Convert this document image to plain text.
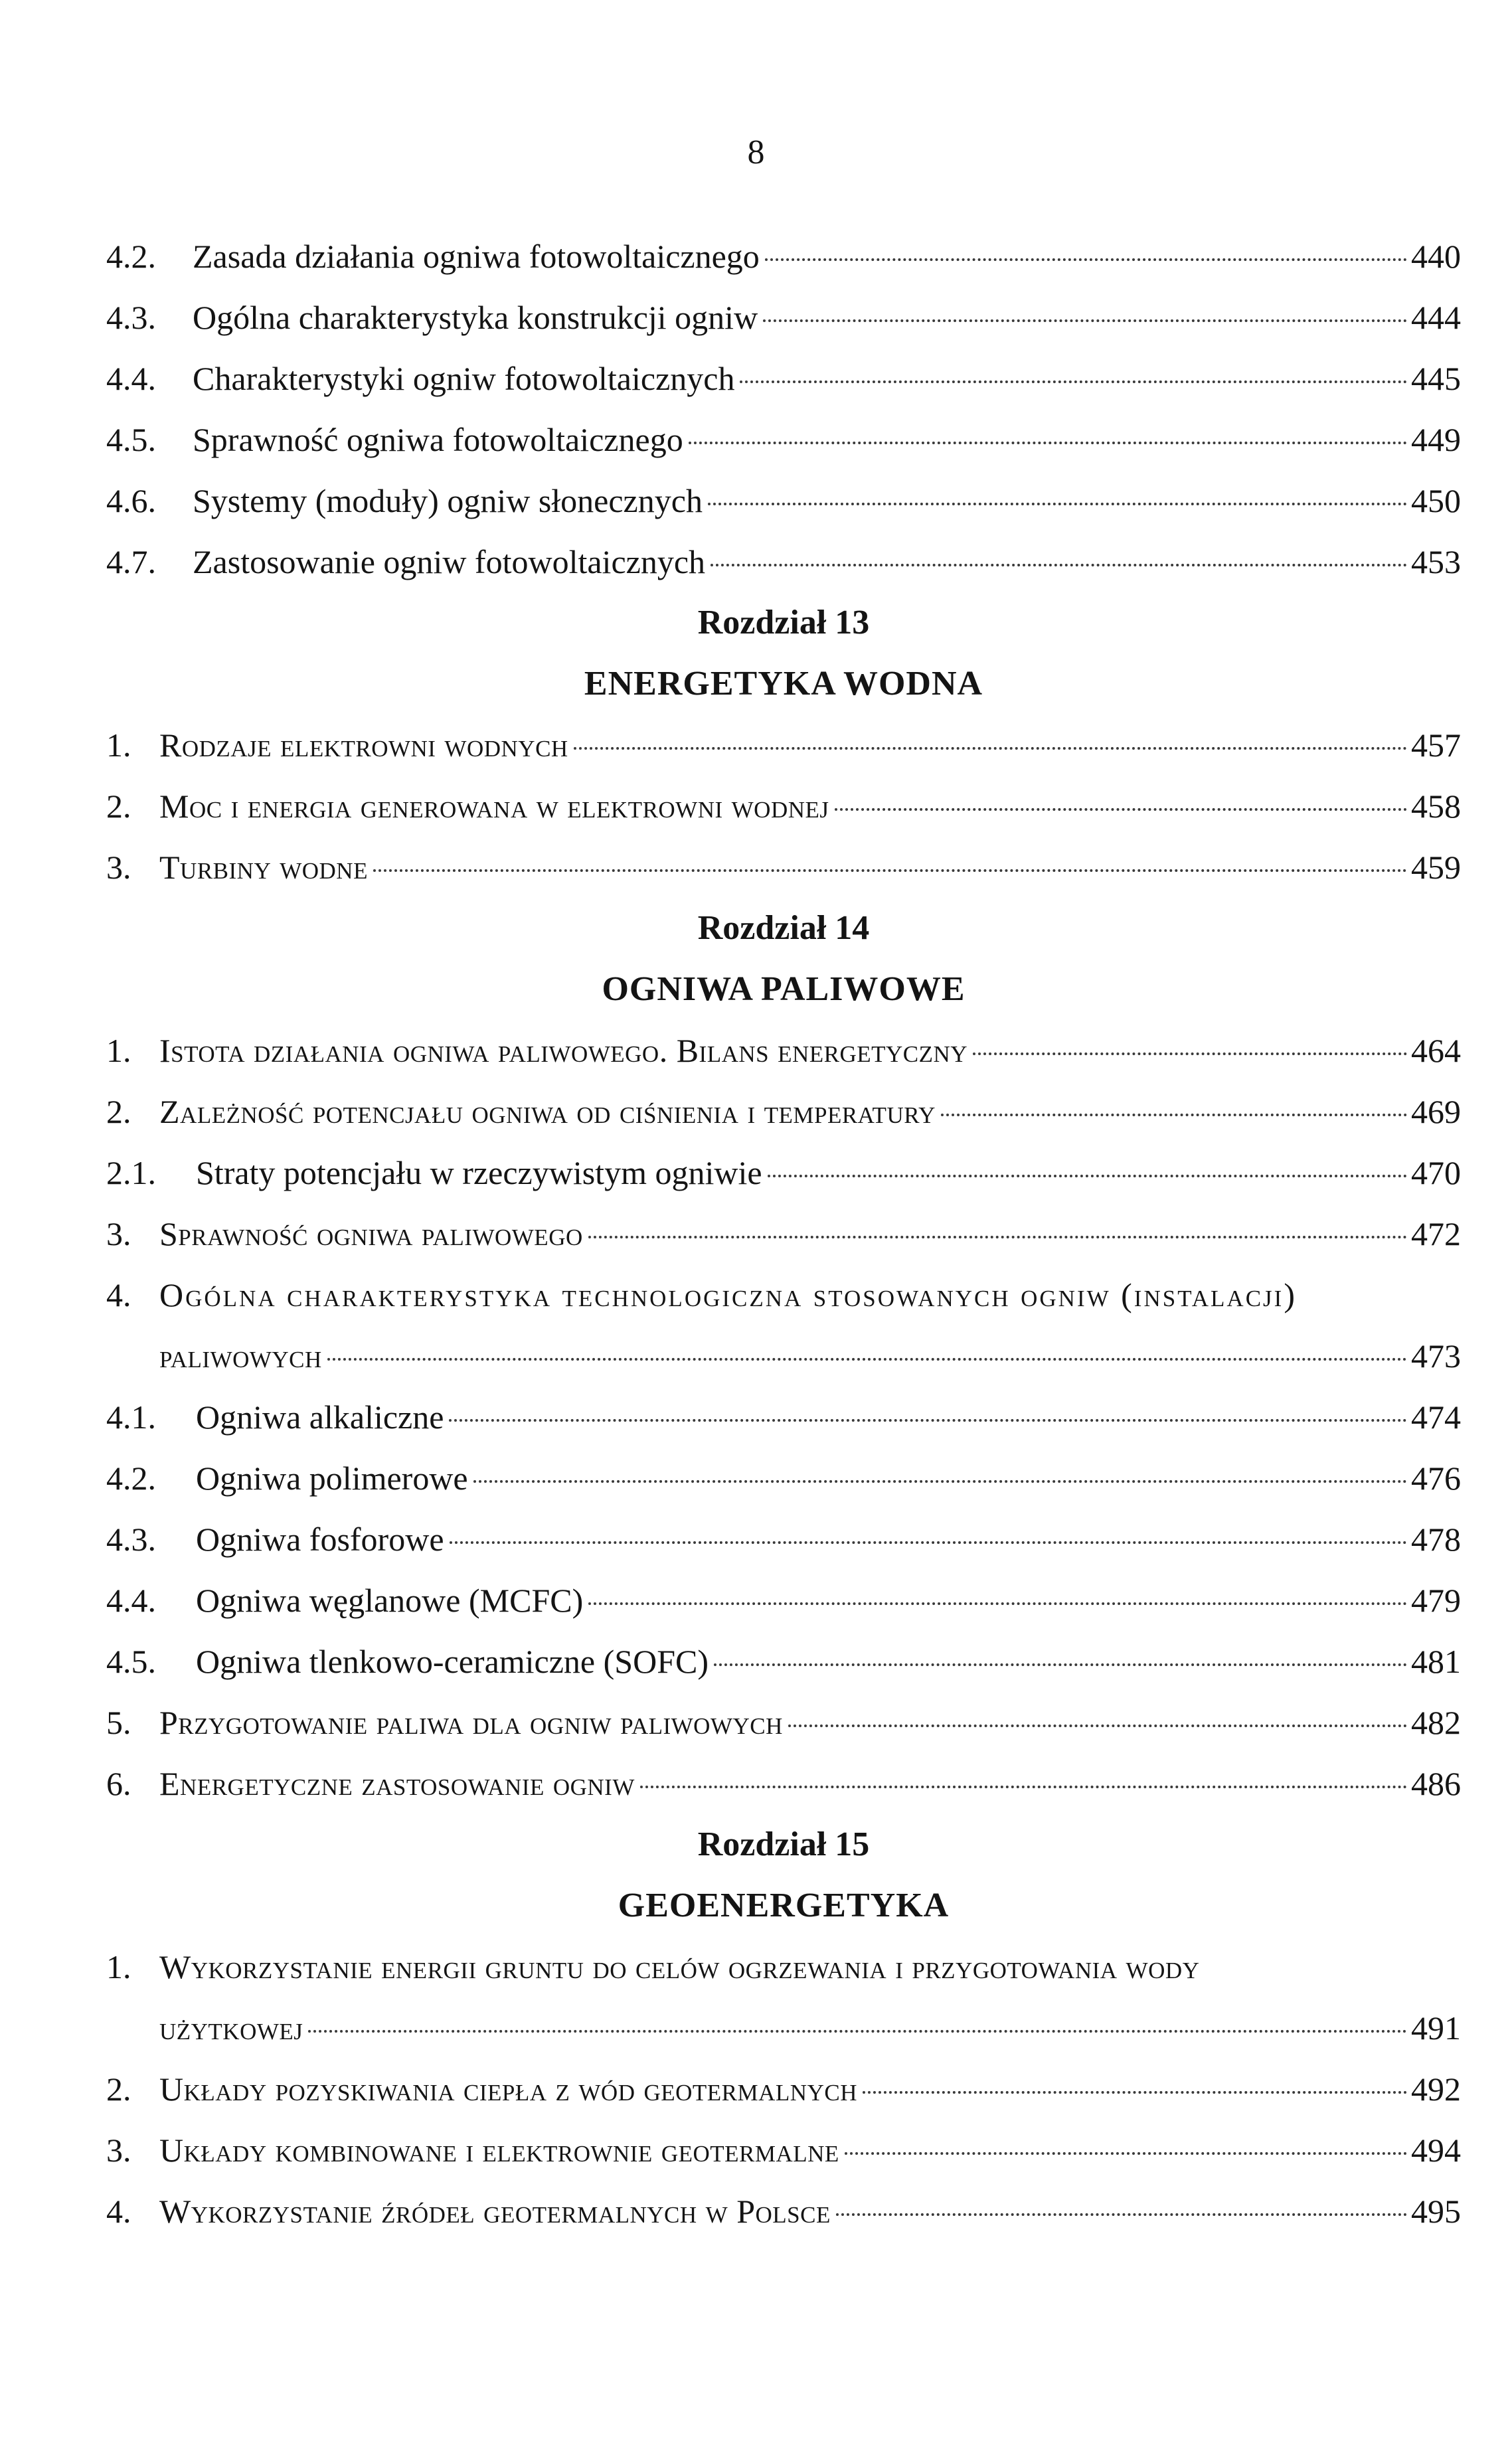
8
4.2.	Zasada działania ogniwa fotowoltaicznego	440
4.3.	Ogólna charakterystyka konstrukcji ogniw	444
4.4.	Charakterystyki ogniw fotowoltaicznych	445
4.5.	Sprawność ogniwa fotowoltaicznego	449
4.6.	Systemy (moduły) ogniw słonecznych	450
4.7.	Zastosowanie ogniw fotowoltaicznych	453
Rozdział 13
ENERGETYKA WODNA
1. Rodzaje elektrowni wodnych	457
2. Moc i energia generowana w elektrowni wodnej	458
3. Turbiny wodne	459
Rozdział 14
OGNIWA PALIWOWE
1. Istota działania ogniwa paliwowego. Bilans energetyczny	464
2. Zależność potencjału ogniwa od ciśnienia i temperatury	469
2.1.	Straty potencjału w rzeczywistym ogniwie	470
3. Sprawność ogniwa paliwowego	472
4. Ogólna charakterystyka technologiczna stosowanych ogniw (instalacji)
paliwowych	473
4.1.	Ogniwa alkaliczne	474
4.2.	Ogniwa polimerowe	476
4.3.	Ogniwa fosforowe	478
4.4.	Ogniwa węglanowe (MCFC)	479
4.5.	Ogniwa tlenkowo-ceramiczne (SOFC)	481
5. Przygotowanie paliwa dla ogniw paliwowych	482
6. Energetyczne zastosowanie ogniw	486
Rozdział 15
GEOENERGETYKA
1. Wykorzystanie energii gruntu do celów ogrzewania i przygotowania wody
użytkowej	491
2. Układy pozyskiwania ciepła z wód geotermalnych	492
3. Układy kombinowane i elektrownie geotermalne	494
4. Wykorzystanie źródeł geotermalnych w Polsce	495
